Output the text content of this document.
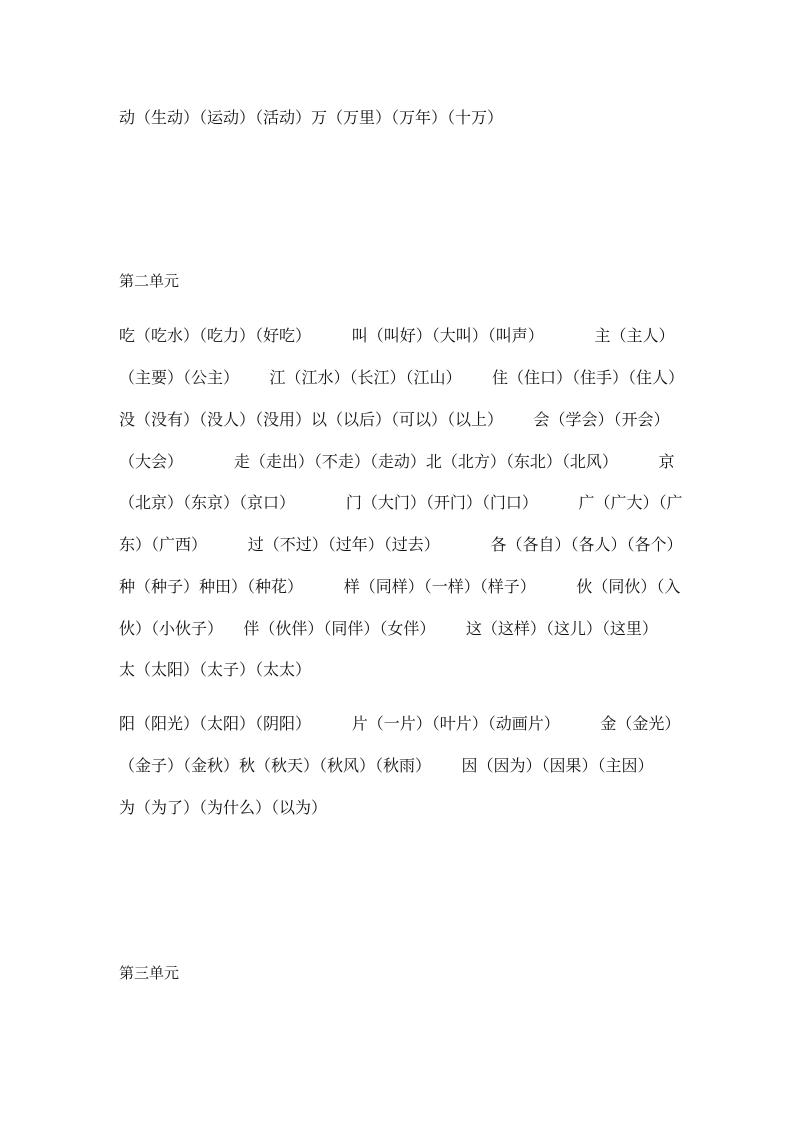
动（生动）（运动）（活动）万（万里）（万年）（十万）
第二单元
吃（吃水）（吃力）（好吃）        叫（叫好）（大叫）（叫声）          主（主人）
（主要）（公主）      江（江水）（长江）（江山）      住（住口）（住手）（住人）
没（没有）（没人）（没用）以（以后）（可以）（以上）      会（学会）（开会）
（大会）          走（走出）（不走）（走动）北（北方）（东北）（北风）        京
（北京）（东京）（京口）          门（大门）（开门）（门口）        广（广大）（广
东）（广西）        过（不过）（过年）（过去）          各（各自）（各人）（各个）
种（种子）种田）（种花）        样（同样）（一样）（样子）        伙（同伙）（入
伙）（小伙子）    伴（伙伴）（同伴）（女伴）      这（这样）（这儿）（这里）
太（太阳）（太子）（太太）
阳（阳光）（太阳）（阴阳）        片（一片）（叶片）（动画片）        金（金光）
（金子）（金秋）秋（秋天）（秋风）（秋雨）      因（因为）（因果）（主因）
为（为了）（为什么）（以为）
第三单元
